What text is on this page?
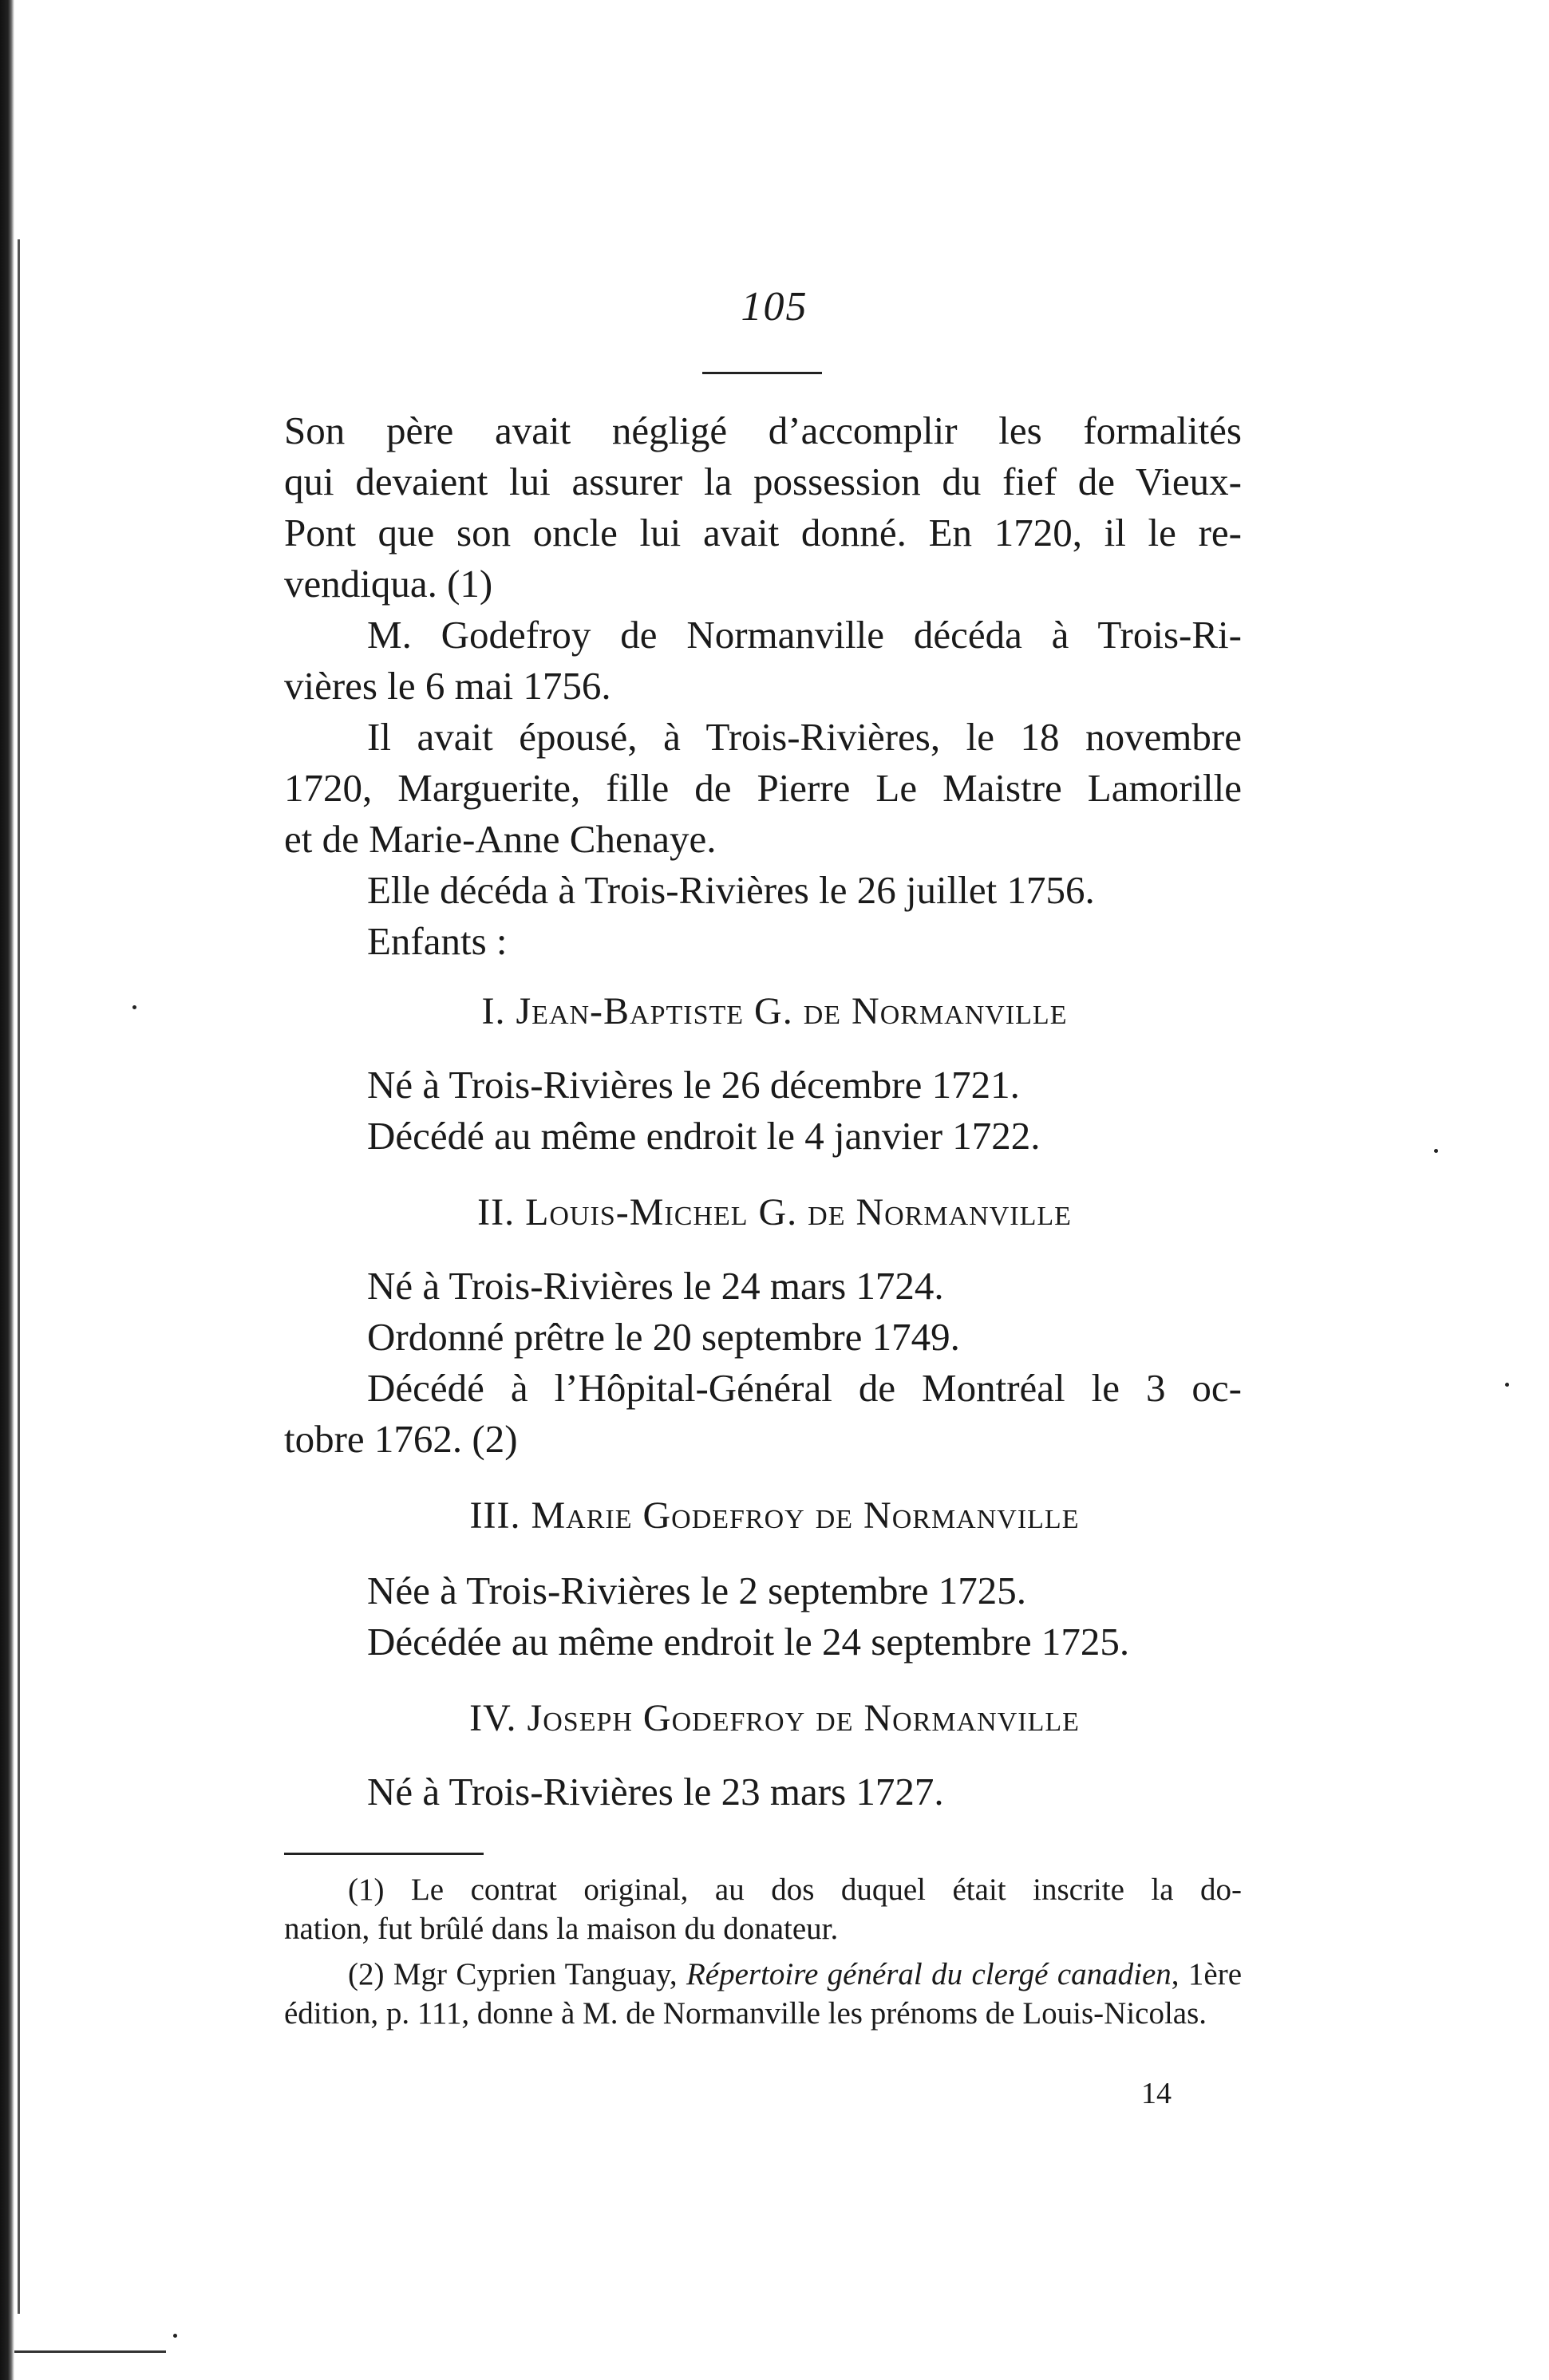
105

Son père avait négligé d’accomplir les formalités

qui devaient lui assurer la possession du fief de Vieux-

Pont que son oncle lui avait donné. En 1720, il le re-

vendiqua. (1)

M. Godefroy de Normanville décéda à Trois-Ri-

vières le 6 mai 1756.

Il avait épousé, à Trois-Rivières, le 18 novembre

1720, Marguerite, fille de Pierre Le Maistre Lamorille

et de Marie-Anne Chenaye.

Elle décéda à Trois-Rivières le 26 juillet 1756.

Enfants :

I. Jean-Baptiste G. de Normanville

Né à Trois-Rivières le 26 décembre 1721.

Décédé au même endroit le 4 janvier 1722.

II. Louis-Michel G. de Normanville

Né à Trois-Rivières le 24 mars 1724.

Ordonné prêtre le 20 septembre 1749.

Décédé à l’Hôpital-Général de Montréal le 3 oc-

tobre 1762. (2)

III. Marie Godefroy de Normanville

Née à Trois-Rivières le 2 septembre 1725.

Décédée au même endroit le 24 septembre 1725.

IV. Joseph Godefroy de Normanville

Né à Trois-Rivières le 23 mars 1727.

(1) Le contrat original, au dos duquel était inscrite la do-

nation, fut brûlé dans la maison du donateur.

(2) Mgr Cyprien Tanguay, Répertoire général du clergé canadien, 1ère édition, p. 111, donne à M. de Normanville les prénoms de Louis-Nicolas.

14
